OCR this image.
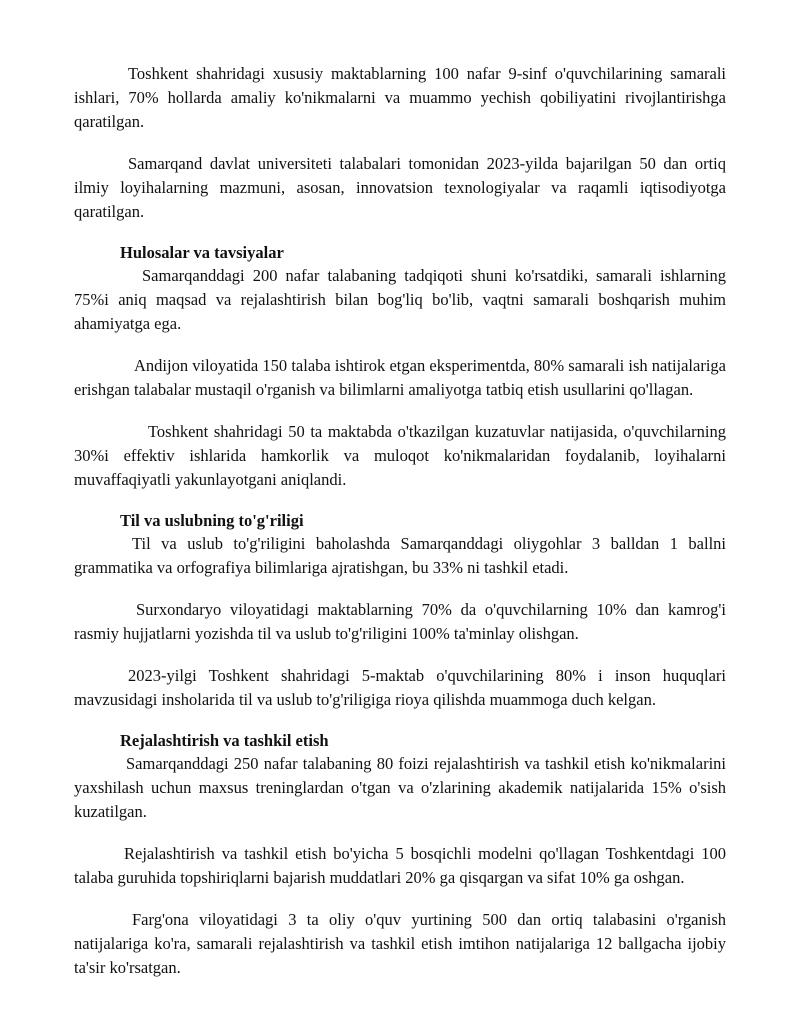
Toshkent shahridagi xususiy maktablarning 100 nafar 9-sinf o'quvchilarining samarali ishlari, 70% hollarda amaliy ko'nikmalarni va muammo yechish qobiliyatini rivojlantirishga qaratilgan.

Samarqand davlat universiteti talabalari tomonidan 2023-yilda bajarilgan 50 dan ortiq ilmiy loyihalarning mazmuni, asosan, innovatsion texnologiyalar va raqamli iqtisodiyotga qaratilgan.

Hulosalar va tavsiyalar

Samarqanddagi 200 nafar talabaning tadqiqoti shuni ko'rsatdiki, samarali ishlarning 75%i aniq maqsad va rejalashtirish bilan bog'liq bo'lib, vaqtni samarali boshqarish muhim ahamiyatga ega.

Andijon viloyatida 150 talaba ishtirok etgan eksperimentda, 80% samarali ish natijalariga erishgan talabalar mustaqil o'rganish va bilimlarni amaliyotga tatbiq etish usullarini qo'llagan.

Toshkent shahridagi 50 ta maktabda o'tkazilgan kuzatuvlar natijasida, o'quvchilarning 30%i effektiv ishlarida hamkorlik va muloqot ko'nikmalaridan foydalanib, loyihalarni muvaffaqiyatli yakunlayotgani aniqlandi.

Til va uslubning to'g'riligi

Til va uslub to'g'riligini baholashda Samarqanddagi oliygohlar 3 balldan 1 ballni grammatika va orfografiya bilimlariga ajratishgan, bu 33% ni tashkil etadi.

Surxondaryo viloyatidagi maktablarning 70% da o'quvchilarning 10% dan kamrog'i rasmiy hujjatlarni yozishda til va uslub to'g'riligini 100% ta'minlay olishgan.

2023-yilgi Toshkent shahridagi 5-maktab o'quvchilarining 80% i inson huquqlari mavzusidagi insholarida til va uslub to'g'riligiga rioya qilishda muammoga duch kelgan.

Rejalashtirish va tashkil etish

Samarqanddagi 250 nafar talabaning 80 foizi rejalashtirish va tashkil etish ko'nikmalarini yaxshilash uchun maxsus treninglardan o'tgan va o'zlarining akademik natijalarida 15% o'sish kuzatilgan.

Rejalashtirish va tashkil etish bo'yicha 5 bosqichli modelni qo'llagan Toshkentdagi 100 talaba guruhida topshiriqlarni bajarish muddatlari 20% ga qisqargan va sifat 10% ga oshgan.

Farg'ona viloyatidagi 3 ta oliy o'quv yurtining 500 dan ortiq talabasini o'rganish natijalariga ko'ra, samarali rejalashtirish va tashkil etish imtihon natijalariga 12 ballgacha ijobiy ta'sir ko'rsatgan.
